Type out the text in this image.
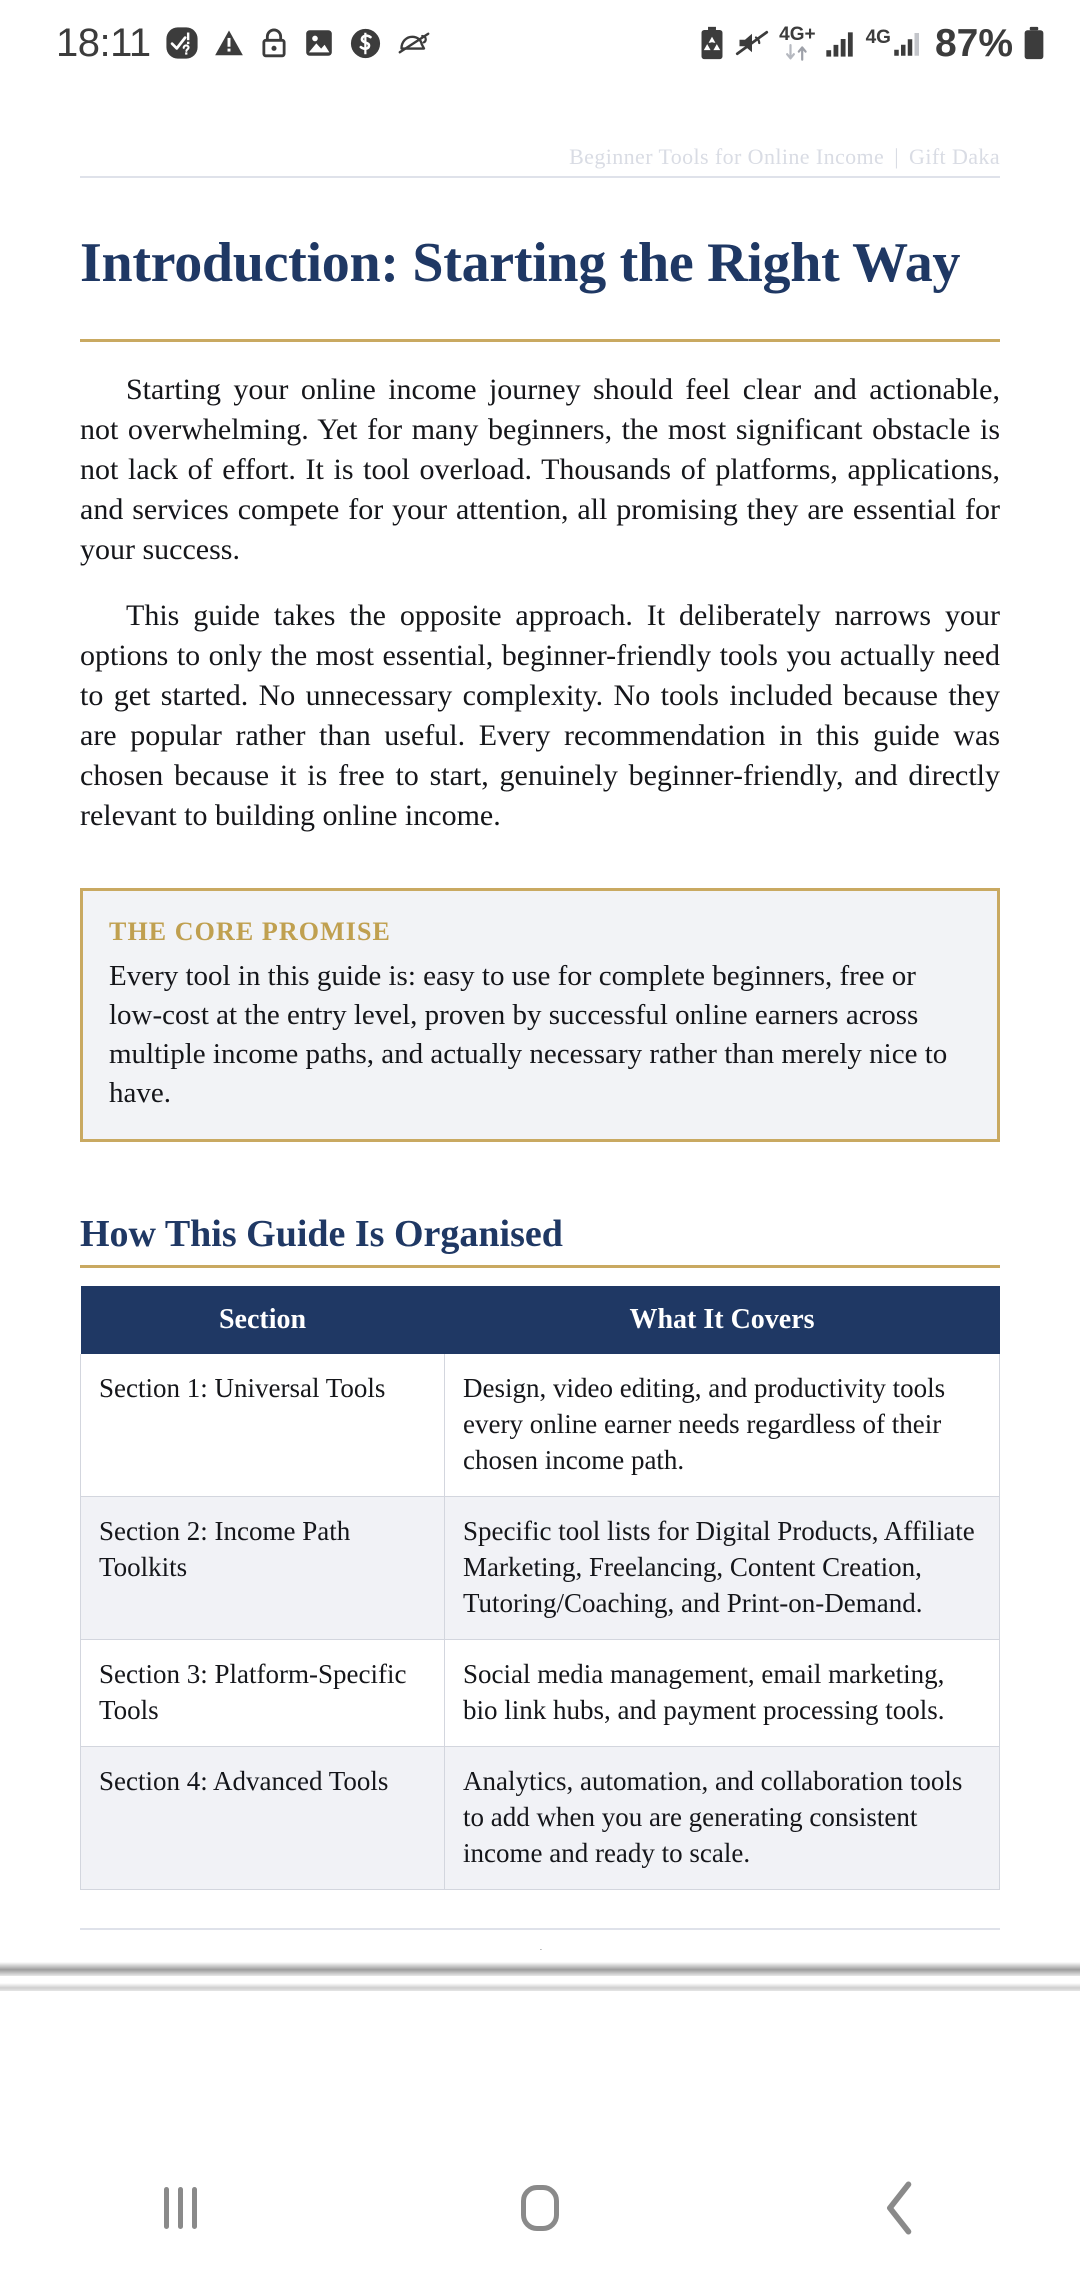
18:11	4G+	4G 87%
Beginner Tools for Online Income | Gift Daka
Introduction: Starting the Right Way

Starting your online income journey should feel clear and actionable, not overwhelming. Yet for many beginners, the most significant obstacle is not lack of effort. It is tool overload. Thousands of platforms, applications, and services compete for your attention, all promising they are essential for your success.

This guide takes the opposite approach. It deliberately narrows your options to only the most essential, beginner-friendly tools you actually need to get started. No unnecessary complexity. No tools included because they are popular rather than useful. Every recommendation in this guide was chosen because it is free to start, genuinely beginner-friendly, and directly relevant to building online income.

THE CORE PROMISE
Every tool in this guide is: easy to use for complete beginners, free or low-cost at the entry level, proven by successful online earners across multiple income paths, and actually necessary rather than merely nice to have.
How This Guide Is Organised
Section	What It Covers
Section 1: Universal Tools	Design, video editing, and productivity tools every online earner needs regardless of their chosen income path.
Section 2: Income Path Toolkits	Specific tool lists for Digital Products, Affiliate Marketing, Freelancing, Content Creation, Tutoring/Coaching, and Print-on-Demand.
Section 3: Platform-Specific Tools	Social media management, email marketing, bio link hubs, and payment processing tools.
Section 4: Advanced Tools	Analytics, automation, and collaboration tools to add when you are generating consistent income and ready to scale.
